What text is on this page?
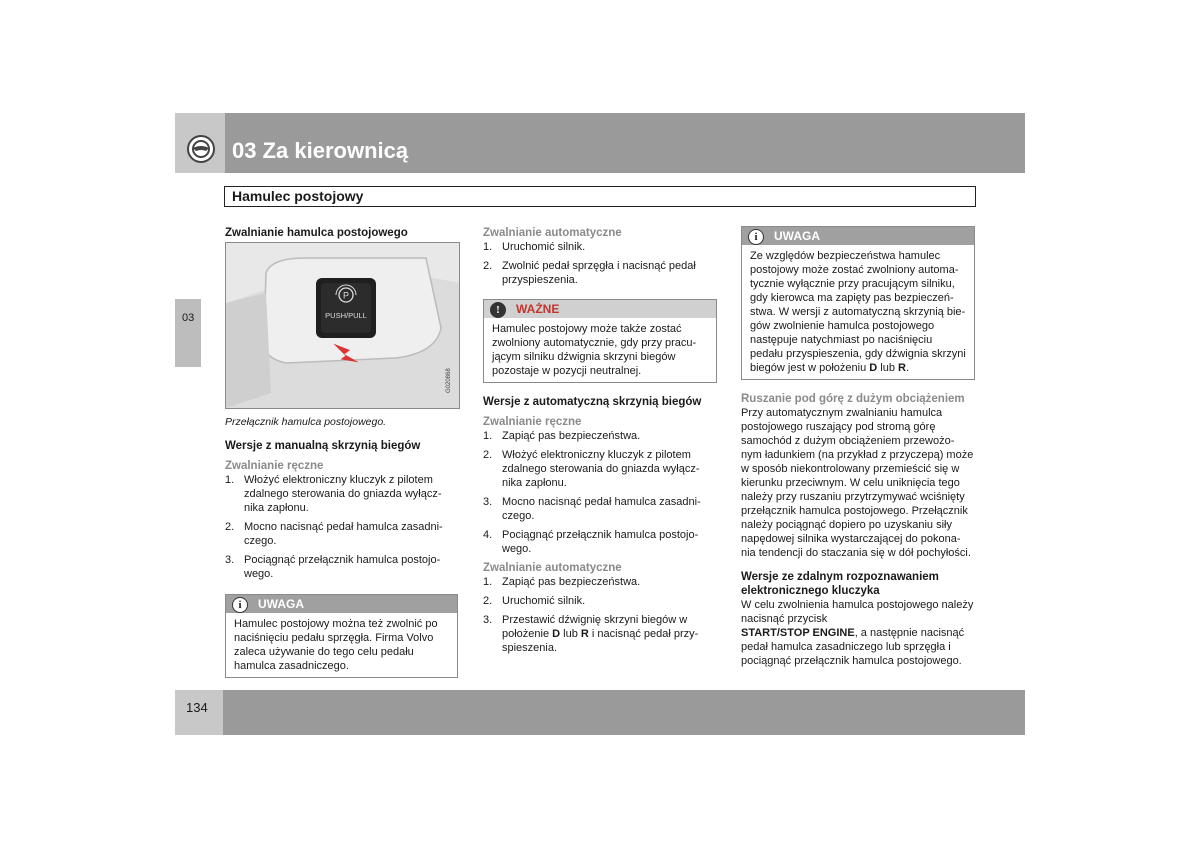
03 Za kierownicą
Hamulec postojowy
03
Zwalnianie hamulca postojowego
P
PUSH/PULL
G020868
Przełącznik hamulca postojowego.
Wersje z manualną skrzynią biegów
Zwalnianie ręczne
1. Włożyć elektroniczny kluczyk z pilotem zdalnego sterowania do gniazda wyłącz-nika zapłonu.
2. Mocno nacisnąć pedał hamulca zasadni-czego.
3. Pociągnąć przełącznik hamulca postojo-wego.
i	UWAGA
Hamulec postojowy można też zwolnić po naciśnięciu pedału sprzęgła. Firma Volvo zaleca używanie do tego celu pedału hamulca zasadniczego.
Zwalnianie automatyczne
1. Uruchomić silnik.
2. Zwolnić pedał sprzęgła i nacisnąć pedał przyspieszenia.
!	WAŻNE
Hamulec postojowy może także zostać zwolniony automatycznie, gdy przy pracu-jącym silniku dźwignia skrzyni biegów pozostaje w pozycji neutralnej.
Wersje z automatyczną skrzynią biegów
Zwalnianie ręczne
1. Zapiąć pas bezpieczeństwa.
2. Włożyć elektroniczny kluczyk z pilotem zdalnego sterowania do gniazda wyłącz-nika zapłonu.
3. Mocno nacisnąć pedał hamulca zasadni-czego.
4. Pociągnąć przełącznik hamulca postojo-wego.
Zwalnianie automatyczne
1. Zapiąć pas bezpieczeństwa.
2. Uruchomić silnik.
3. Przestawić dźwignię skrzyni biegów w położenie D lub R i nacisnąć pedał przy-spieszenia.
i	UWAGA
Ze względów bezpieczeństwa hamulec postojowy może zostać zwolniony automa-tycznie wyłącznie przy pracującym silniku, gdy kierowca ma zapięty pas bezpieczeń-stwa. W wersji z automatyczną skrzynią bie-gów zwolnienie hamulca postojowego następuje natychmiast po naciśnięciu pedału przyspieszenia, gdy dźwignia skrzyni biegów jest w położeniu D lub R.
Ruszanie pod górę z dużym obciążeniem

Przy automatycznym zwalnianiu hamulca postojowego ruszający pod stromą górę samochód z dużym obciążeniem przewożo-nym ładunkiem (na przykład z przyczepą) może w sposób niekontrolowany przemieścić się w kierunku przeciwnym. W celu uniknięcia tego należy przy ruszaniu przytrzymywać wciśnięty przełącznik hamulca postojowego. Przełącznik należy pociągnąć dopiero po uzyskaniu siły napędowej silnika wystarczającej do pokona-nia tendencji do staczania się w dół pochyłości.

Wersje ze zdalnym rozpoznawaniem elektronicznego kluczyka

W celu zwolnienia hamulca postojowego należy nacisnąć przycisk
START/STOP ENGINE, a następnie nacisnąć pedał hamulca zasadniczego lub sprzęgła i pociągnąć przełącznik hamulca postojowego.

134
